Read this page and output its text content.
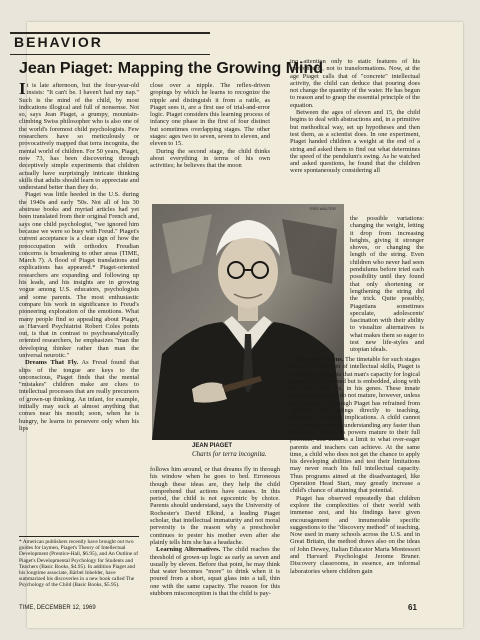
BEHAVIOR
Jean Piaget: Mapping the Growing Mind

It is late afternoon, but the four-year-old insists: "It can't be. I haven't had my nap." Such is the mind of the child, by most indications illogical and full of nonsense. Not so, says Jean Piaget, a grumpy, mountain-climbing Swiss philosopher who is also one of the world's foremost child psychologists. Few researchers have so meticulously or provocatively mapped that terra incognita, the mental world of children. For 50 years, Piaget, now 73, has been discovering through deceptively simple experiments that children actually have surprisingly intricate thinking skills that adults should learn to appreciate and understand better than they do.

Piaget was little heeded in the U.S. during the 1940s and early '50s. Not all of his 30 abstruse books and myriad articles had yet been translated from their original French and, says one child psychologist, "we ignored him because we were so busy with Freud." Piaget's current acceptance is a clear sign of how the preoccupation with orthodox Freudian concerns is broadening to other areas (TIME, March 7). A flood of Piaget translations and explications has appeared.* Piaget-oriented researchers are expanding and following up his leads, and his insights are in growing vogue among U.S. educators, psychologists and some parents. The most enthusiastic compare his work in significance to Freud's pioneering exploration of the emotions. What many people find so appealing about Piaget, as Harvard Psychiatrist Robert Coles points out, is that in contrast to psychoanalytically oriented researchers, he emphasizes "man the developing thinker rather than man the universal neurotic."

Dreams That Fly. As Freud found that slips of the tongue are keys to the unconscious, Piaget finds that the mental "mistakes" children make are clues to intellectual processes that are really precursors of grown-up thinking. An infant, for example, initially may suck at almost anything that comes near his mouth; soon, when he is hungry, he learns to persevere only when his lips

* American publishers recently have brought out two guides for laymen, Piaget's Theory of Intellectual Development (Prentice-Hall, $6.95), and An Outline of Piaget's Developmental Psychology for Students and Teachers (Basic Books, $4.95). In addition Piaget and his longtime associate, Bärbel Inhelder, have summarized his discoveries in a new book called The Psychology of the Child (Basic Books, $5.95).

close over a nipple. The reflex-driven gropings by which he learns to recognize the nipple and distinguish it from a rattle, as Piaget sees it, are a first use of trial-and-error logic. Piaget considers this learning process of infancy one phase in the first of four distinct but sometimes overlapping stages. The other stages: ages two to seven, seven to eleven, and eleven to 15.

During the second stage, the child thinks about everything in terms of his own activities; he believes that the moon

ing attention only to static features of his environment, not to transformations. Now, at the age Piaget calls that of "concrete" intellectual activity, the child can deduce that pouring does not change the quantity of the water. He has begun to reason and to grasp the essential principle of the equation.

Between the ages of eleven and 15, the child begins to deal with abstractions and, in a primitive but methodical way, set up hypotheses and then test them, as a scientist does. In one experiment, Piaget handed children a weight at the end of a string and asked them to find out what determines the speed of the pendulum's swing. As he watched and asked questions, he found that the children were spontaneously considering all

ERD WALTER

the possible variations: changing the weight, letting it drop from increasing heights, giving it stronger shoves, or changing the length of the string. Even children who never had seen pendulums before tried each possibility until they found that only shortening or lengthening the string did the trick. Quite possibly, Piagetians sometimes speculate, adolescents' fascination with their ability to visualize alternatives is what makes them so eager to test new life-styles and utopian ideals.

JEAN PIAGET
Charts for terra incognita.

Classroom Hens. The timetable for such stages of the development of intellectual skills, Piaget is convinced, suggests that man's capacity for logical thought is not learned but is embedded, along with hair color and sex, in his genes. These innate rational tendencies do not mature, however, unless they are used. Although Piaget has refrained from applying his findings directly to teaching, educators see some implications. A child cannot be forced to develop understanding any faster than the rate at which his powers mature to their full potential, and there is a limit to what over-eager parents and teachers can achieve. At the same time, a child who does not get the chance to apply his developing abilities and test their limitations may never reach his full intellectual capacity. Thus programs aimed at the disadvantaged, like Operation Head Start, may greatly increase a child's chance of attaining that potential.

Piaget has observed repeatedly that children explore the complexities of their world with immense zest, and his findings have given encouragement and innumerable specific suggestions to the "discovery method" of teaching. Now used in many schools across the U.S. and in Great Britain, the method draws also on the ideas of John Dewey, Italian Educator Maria Montessori and Harvard Psychologist Jerome Bruner. Discovery classrooms, in essence, are informal laboratories where children gain

follows him around, or that dreams fly in through his window when he goes to bed. Erroneous though these ideas are, they help the child comprehend that actions have causes. In this period, the child is not egocentric by choice. Parents should understand, says the University of Rochester's David Elkind, a leading Piaget scholar, that intellectual immaturity and not moral perversity is the reason why a preschooler continues to pester his mother even after she plainly tells him she has a headache.

Learning Alternatives. The child reaches the threshold of grown-up logic as early as seven and usually by eleven. Before that point, he may think that water becomes "more" to drink when it is poured from a short, squat glass into a tall, thin one with the same capacity. The reason for this stubborn misconception is that the child is pay-

TIME, DECEMBER 12, 1969	61
